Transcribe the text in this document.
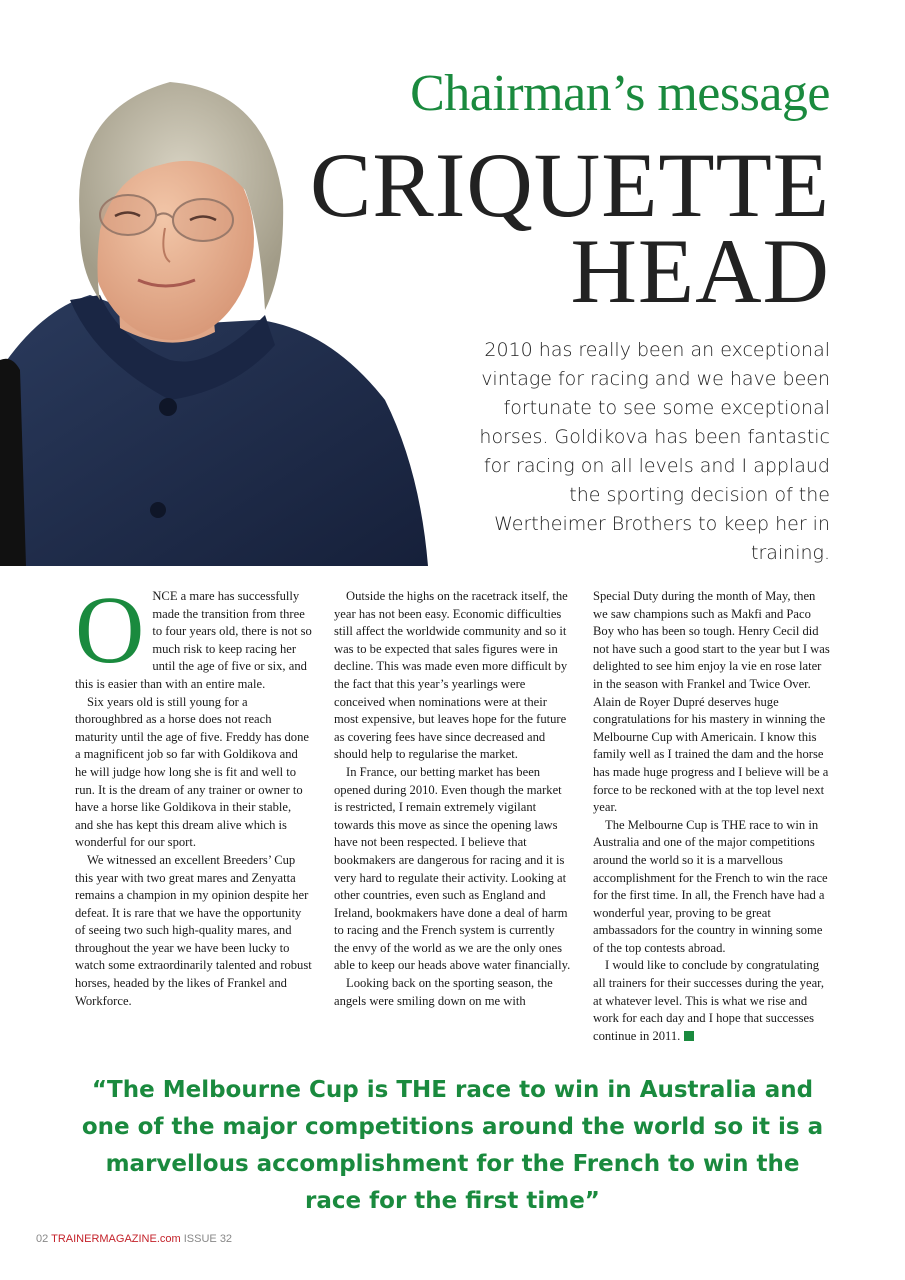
Chairman’s message
CRIQUETTE
HEAD

2010 has really been an exceptional vintage for racing and we have been fortunate to see some exceptional horses. Goldikova has been fantastic for racing on all levels and I applaud the sporting decision of the Wertheimer Brothers to keep her in training.

ONCE a mare has successfully made the transition from three to four years old, there is not so much risk to keep racing her until the age of five or six, and this is easier than with an entire male.

Six years old is still young for a thoroughbred as a horse does not reach maturity until the age of five. Freddy has done a magnificent job so far with Goldikova and he will judge how long she is fit and well to run. It is the dream of any trainer or owner to have a horse like Goldikova in their stable, and she has kept this dream alive which is wonderful for our sport.

We witnessed an excellent Breeders’ Cup this year with two great mares and Zenyatta remains a champion in my opinion despite her defeat. It is rare that we have the opportunity of seeing two such high-quality mares, and throughout the year we have been lucky to watch some extraordinarily talented and robust horses, headed by the likes of Frankel and Workforce.

Outside the highs on the racetrack itself, the year has not been easy. Economic difficulties still affect the worldwide community and so it was to be expected that sales figures were in decline. This was made even more difficult by the fact that this year’s yearlings were conceived when nominations were at their most expensive, but leaves hope for the future as covering fees have since decreased and should help to regularise the market.

In France, our betting market has been opened during 2010. Even though the market is restricted, I remain extremely vigilant towards this move as since the opening laws have not been respected. I believe that bookmakers are dangerous for racing and it is very hard to regulate their activity. Looking at other countries, even such as England and Ireland, bookmakers have done a deal of harm to racing and the French system is currently the envy of the world as we are the only ones able to keep our heads above water financially.

Looking back on the sporting season, the angels were smiling down on me with

Special Duty during the month of May, then we saw champions such as Makfi and Paco Boy who has been so tough. Henry Cecil did not have such a good start to the year but I was delighted to see him enjoy la vie en rose later in the season with Frankel and Twice Over. Alain de Royer Dupré deserves huge congratulations for his mastery in winning the Melbourne Cup with Americain. I know this family well as I trained the dam and the horse has made huge progress and I believe will be a force to be reckoned with at the top level next year.

The Melbourne Cup is THE race to win in Australia and one of the major competitions around the world so it is a marvellous accomplishment for the French to win the race for the first time. In all, the French have had a wonderful year, proving to be great ambassadors for the country in winning some of the top contests abroad.

I would like to conclude by congratulating all trainers for their successes during the year, at whatever level. This is what we rise and work for each day and I hope that successes continue in 2011.

“The Melbourne Cup is THE race to win in Australia and one of the major competitions around the world so it is a marvellous accomplishment for the French to win the race for the first time”

02 TRAINERMAGAZINE.com ISSUE 32
